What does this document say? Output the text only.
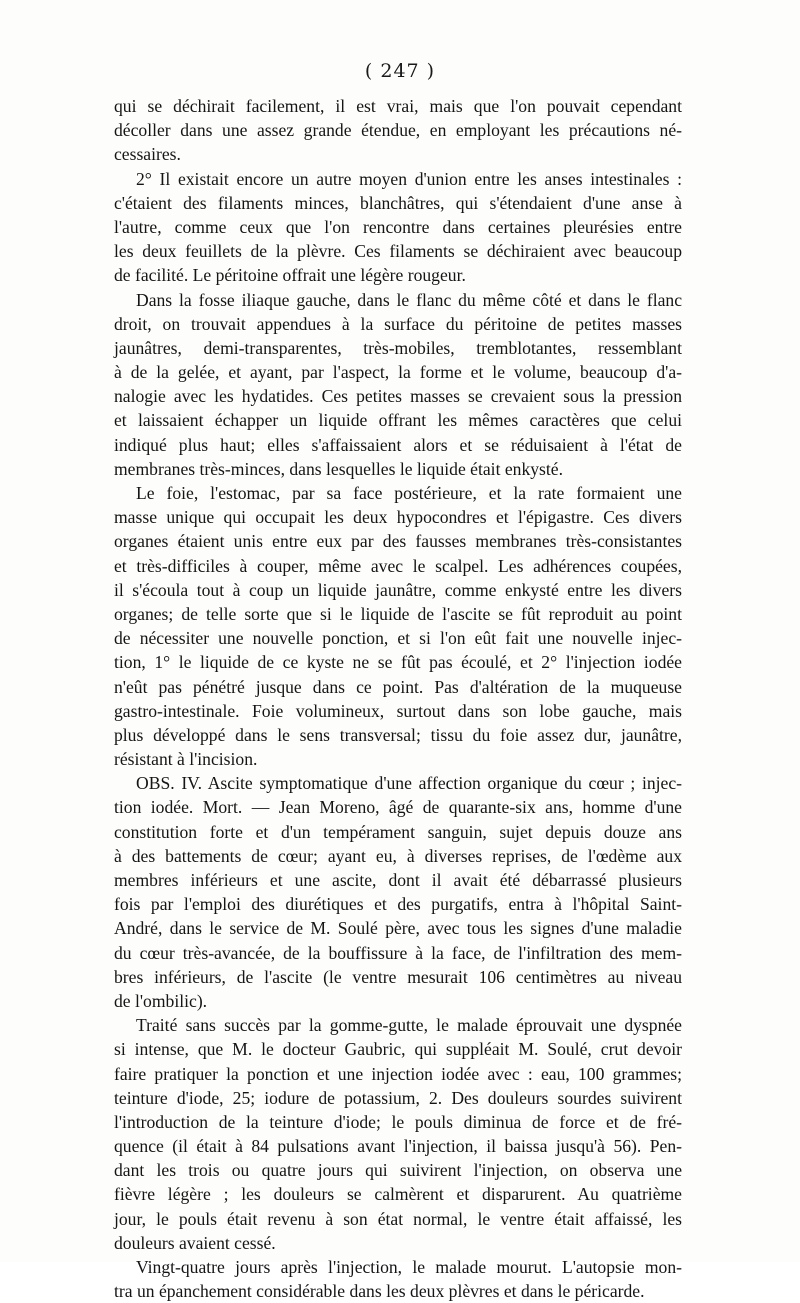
( 247 )
qui se déchirait facilement, il est vrai, mais que l'on pouvait cependant
décoller dans une assez grande étendue, en employant les précautions né-
cessaires.
2° Il existait encore un autre moyen d'union entre les anses intestinales :
c'étaient des filaments minces, blanchâtres, qui s'étendaient d'une anse à
l'autre, comme ceux que l'on rencontre dans certaines pleurésies entre
les deux feuillets de la plèvre. Ces filaments se déchiraient avec beaucoup
de facilité. Le péritoine offrait une légère rougeur.
Dans la fosse iliaque gauche, dans le flanc du même côté et dans le flanc
droit, on trouvait appendues à la surface du péritoine de petites masses
jaunâtres, demi-transparentes, très-mobiles, tremblotantes, ressemblant
à de la gelée, et ayant, par l'aspect, la forme et le volume, beaucoup d'a-
nalogie avec les hydatides. Ces petites masses se crevaient sous la pression
et laissaient échapper un liquide offrant les mêmes caractères que celui
indiqué plus haut; elles s'affaissaient alors et se réduisaient à l'état de
membranes très-minces, dans lesquelles le liquide était enkysté.
Le foie, l'estomac, par sa face postérieure, et la rate formaient une
masse unique qui occupait les deux hypocondres et l'épigastre. Ces divers
organes étaient unis entre eux par des fausses membranes très-consistantes
et très-difficiles à couper, même avec le scalpel. Les adhérences coupées,
il s'écoula tout à coup un liquide jaunâtre, comme enkysté entre les divers
organes; de telle sorte que si le liquide de l'ascite se fût reproduit au point
de nécessiter une nouvelle ponction, et si l'on eût fait une nouvelle injec-
tion, 1° le liquide de ce kyste ne se fût pas écoulé, et 2° l'injection iodée
n'eût pas pénétré jusque dans ce point. Pas d'altération de la muqueuse
gastro-intestinale. Foie volumineux, surtout dans son lobe gauche, mais
plus développé dans le sens transversal; tissu du foie assez dur, jaunâtre,
résistant à l'incision.
OBS. IV. Ascite symptomatique d'une affection organique du cœur ; injec-
tion iodée. Mort. — Jean Moreno, âgé de quarante-six ans, homme d'une
constitution forte et d'un tempérament sanguin, sujet depuis douze ans
à des battements de cœur; ayant eu, à diverses reprises, de l'œdème aux
membres inférieurs et une ascite, dont il avait été débarrassé plusieurs
fois par l'emploi des diurétiques et des purgatifs, entra à l'hôpital Saint-
André, dans le service de M. Soulé père, avec tous les signes d'une maladie
du cœur très-avancée, de la bouffissure à la face, de l'infiltration des mem-
bres inférieurs, de l'ascite (le ventre mesurait 106 centimètres au niveau
de l'ombilic).
Traité sans succès par la gomme-gutte, le malade éprouvait une dyspnée
si intense, que M. le docteur Gaubric, qui suppléait M. Soulé, crut devoir
faire pratiquer la ponction et une injection iodée avec : eau, 100 grammes;
teinture d'iode, 25; iodure de potassium, 2. Des douleurs sourdes suivirent
l'introduction de la teinture d'iode; le pouls diminua de force et de fré-
quence (il était à 84 pulsations avant l'injection, il baissa jusqu'à 56). Pen-
dant les trois ou quatre jours qui suivirent l'injection, on observa une
fièvre légère ; les douleurs se calmèrent et disparurent. Au quatrième
jour, le pouls était revenu à son état normal, le ventre était affaissé, les
douleurs avaient cessé.
Vingt-quatre jours après l'injection, le malade mourut. L'autopsie mon-
tra un épanchement considérable dans les deux plèvres et dans le péricarde.
